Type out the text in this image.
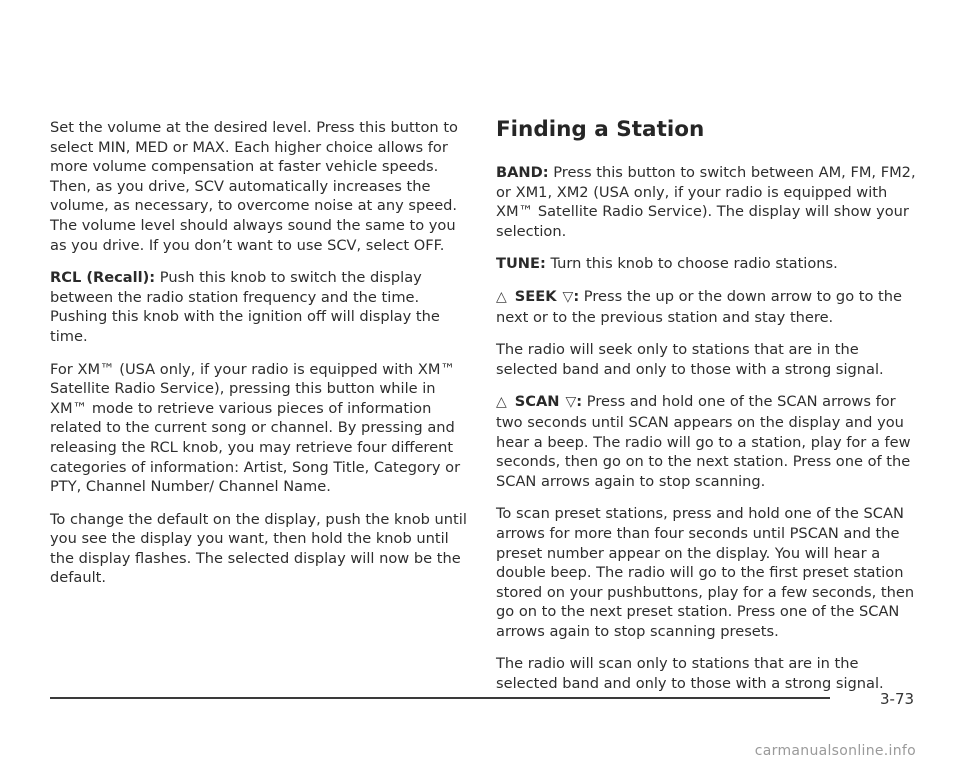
Set the volume at the desired level. Press this button to select MIN, MED or MAX. Each higher choice allows for more volume compensation at faster vehicle speeds. Then, as you drive, SCV automatically increases the volume, as necessary, to overcome noise at any speed. The volume level should always sound the same to you as you drive. If you don’t want to use SCV, select OFF.

RCL (Recall): Push this knob to switch the display between the radio station frequency and the time. Pushing this knob with the ignition off will display the time.

For XM™ (USA only, if your radio is equipped with XM™ Satellite Radio Service), pressing this button while in XM™ mode to retrieve various pieces of information related to the current song or channel. By pressing and releasing the RCL knob, you may retrieve four different categories of information: Artist, Song Title, Category or PTY, Channel Number/ Channel Name.

To change the default on the display, push the knob until you see the display you want, then hold the knob until the display flashes. The selected display will now be the default.

Finding a Station

BAND: Press this button to switch between AM, FM, FM2, or XM1, XM2 (USA only, if your radio is equipped with XM™ Satellite Radio Service). The display will show your selection.

TUNE: Turn this knob to choose radio stations.

△ SEEK ▽: Press the up or the down arrow to go to the next or to the previous station and stay there.

The radio will seek only to stations that are in the selected band and only to those with a strong signal.

△ SCAN ▽: Press and hold one of the SCAN arrows for two seconds until SCAN appears on the display and you hear a beep. The radio will go to a station, play for a few seconds, then go on to the next station. Press one of the SCAN arrows again to stop scanning.

To scan preset stations, press and hold one of the SCAN arrows for more than four seconds until PSCAN and the preset number appear on the display. You will hear a double beep. The radio will go to the first preset station stored on your pushbuttons, play for a few seconds, then go on to the next preset station. Press one of the SCAN arrows again to stop scanning presets.

The radio will scan only to stations that are in the selected band and only to those with a strong signal.

3-73
carmanualsonline.info
